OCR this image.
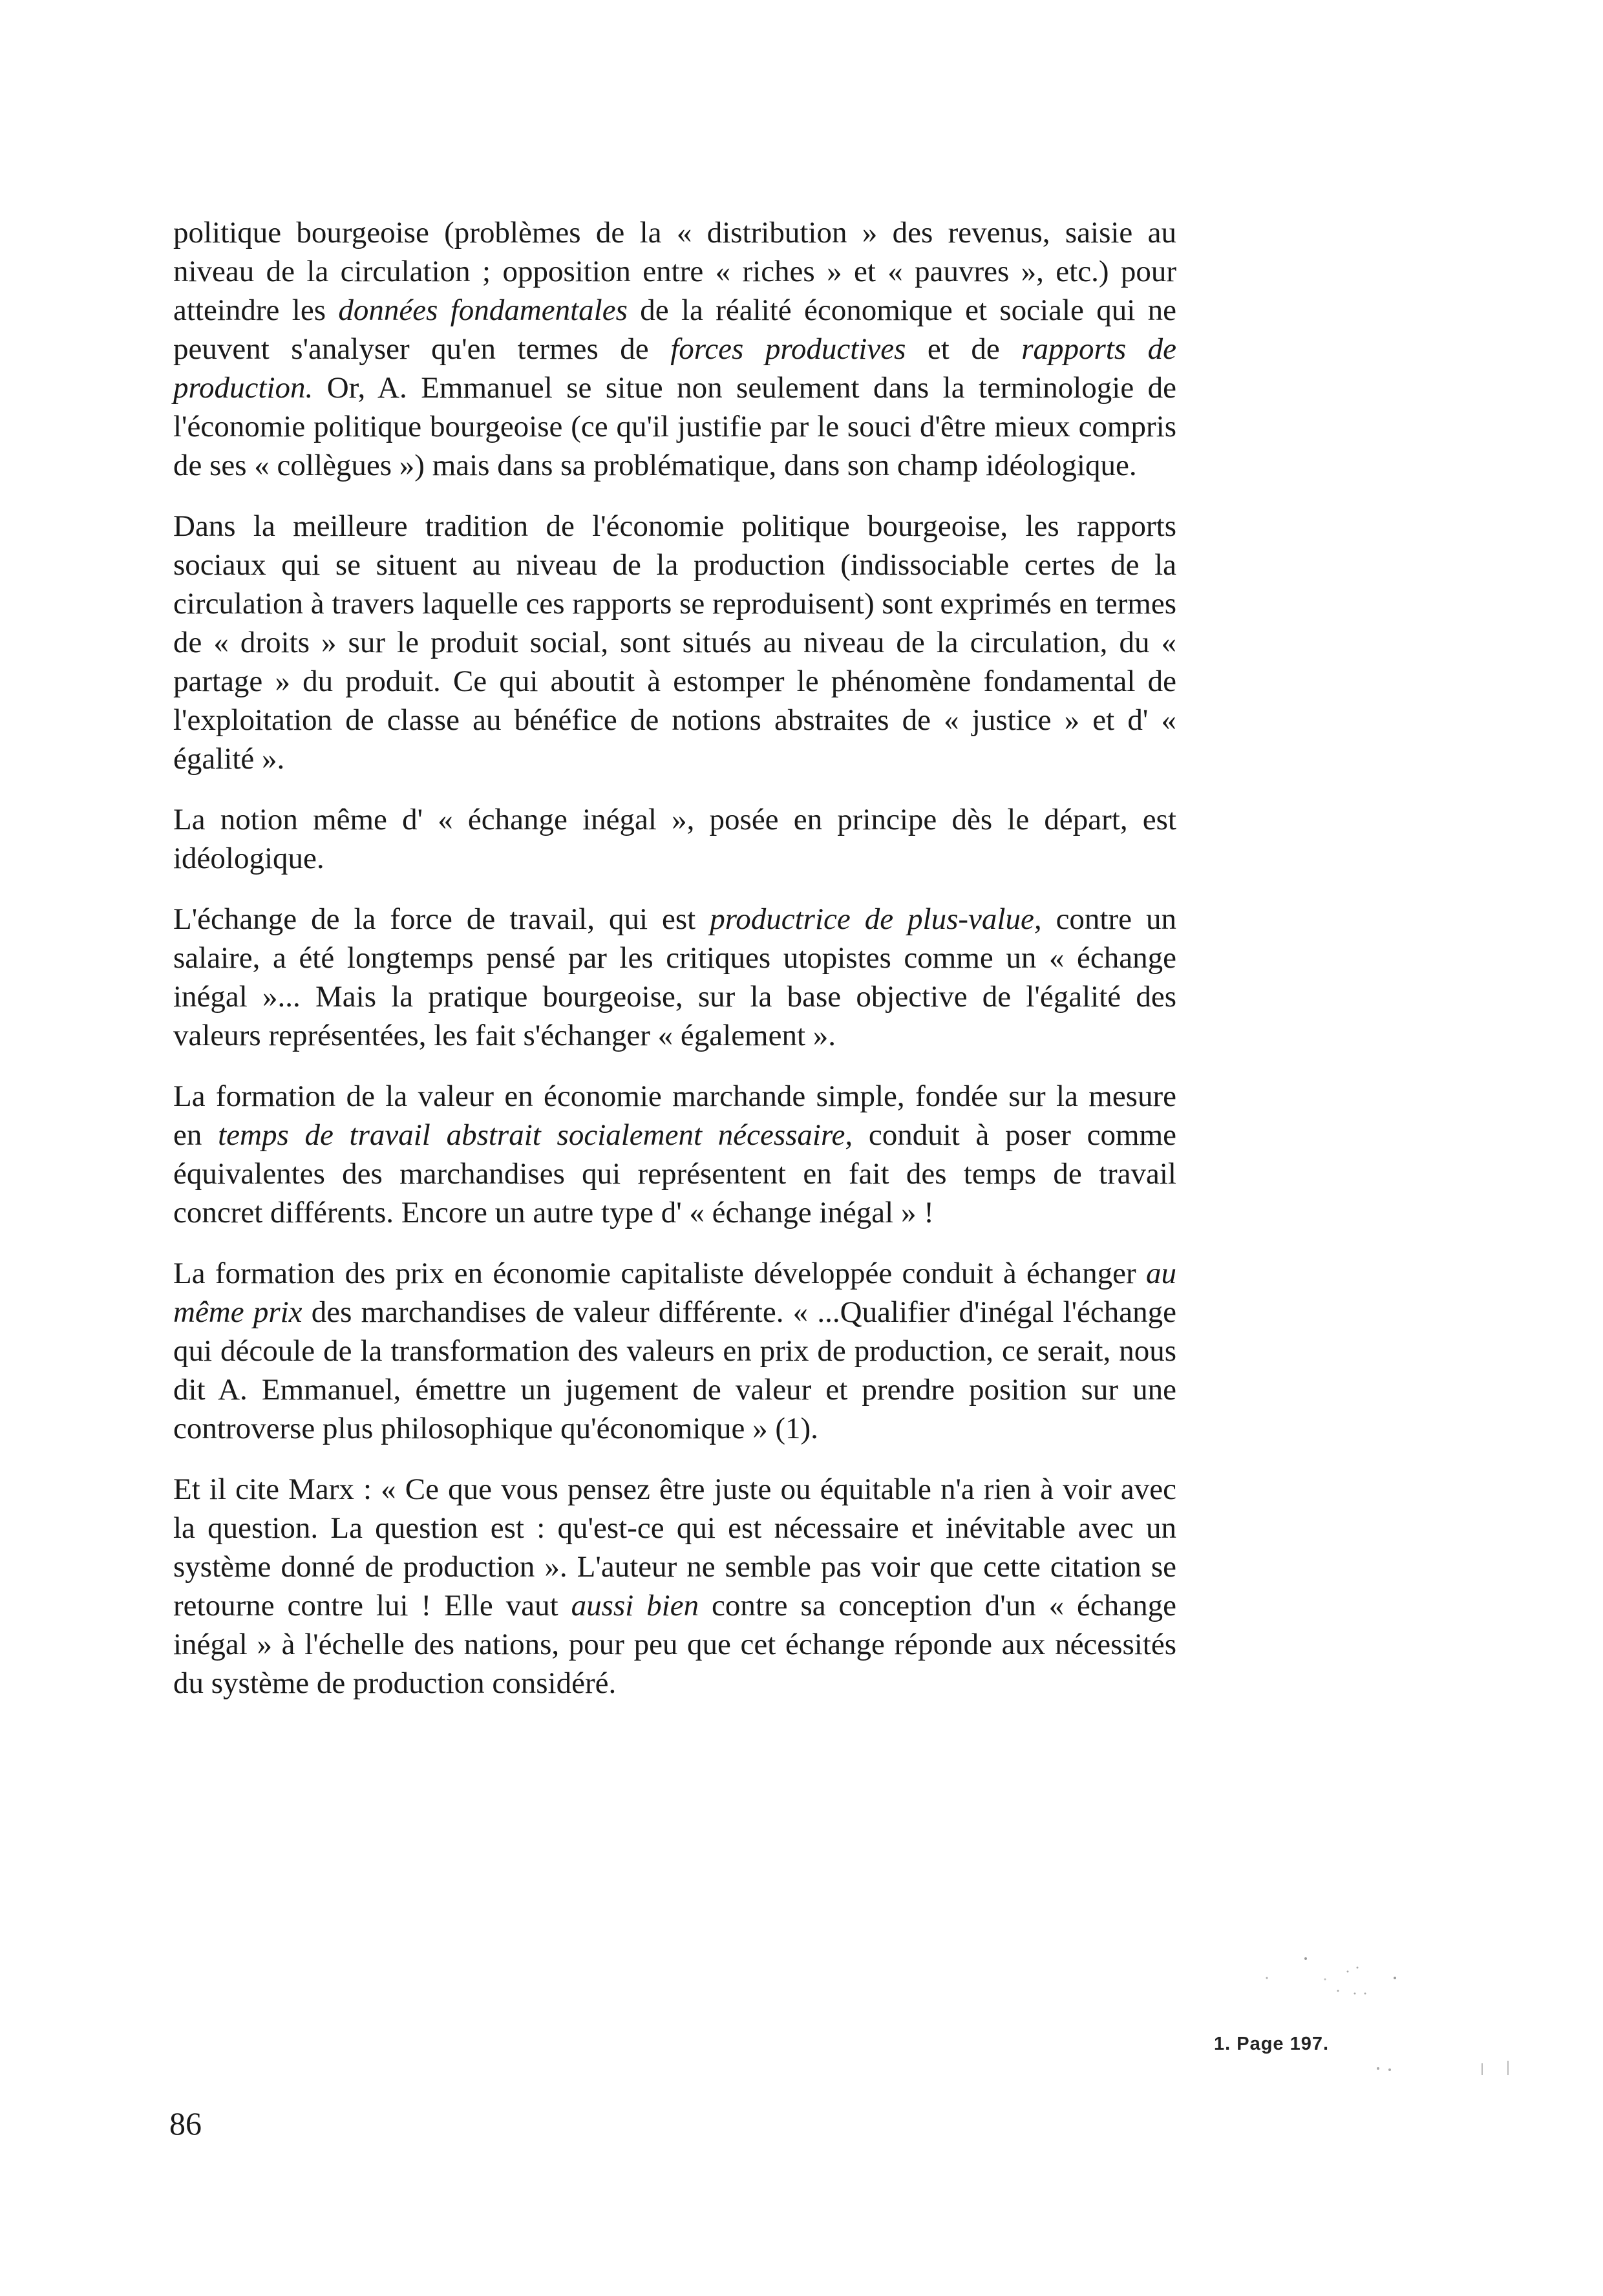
politique bourgeoise (problèmes de la « distribution » des revenus, saisie au niveau de la circulation ; opposition entre « riches » et « pauvres », etc.) pour atteindre les données fondamentales de la réalité économique et sociale qui ne peuvent s'analyser qu'en termes de forces productives et de rapports de production. Or, A. Emmanuel se situe non seulement dans la terminologie de l'économie politique bourgeoise (ce qu'il justifie par le souci d'être mieux compris de ses « collègues ») mais dans sa problématique, dans son champ idéologique.

Dans la meilleure tradition de l'économie politique bourgeoise, les rapports sociaux qui se situent au niveau de la production (indissociable certes de la circulation à travers laquelle ces rapports se reproduisent) sont exprimés en termes de « droits » sur le produit social, sont situés au niveau de la circulation, du « partage » du produit. Ce qui aboutit à estomper le phénomène fondamental de l'exploitation de classe au bénéfice de notions abstraites de « justice » et d' « égalité ».

La notion même d' « échange inégal », posée en principe dès le départ, est idéologique.

L'échange de la force de travail, qui est productrice de plus-value, contre un salaire, a été longtemps pensé par les critiques utopistes comme un « échange inégal »... Mais la pratique bourgeoise, sur la base objective de l'égalité des valeurs représentées, les fait s'échanger « également ».

La formation de la valeur en économie marchande simple, fondée sur la mesure en temps de travail abstrait socialement nécessaire, conduit à poser comme équivalentes des marchandises qui représentent en fait des temps de travail concret différents. Encore un autre type d' « échange inégal » !

La formation des prix en économie capitaliste développée conduit à échanger au même prix des marchandises de valeur différente. « ...Qualifier d'inégal l'échange qui découle de la transformation des valeurs en prix de production, ce serait, nous dit A. Emmanuel, émettre un jugement de valeur et prendre position sur une controverse plus philosophique qu'économique » (1).

Et il cite Marx : « Ce que vous pensez être juste ou équitable n'a rien à voir avec la question. La question est : qu'est-ce qui est nécessaire et inévitable avec un système donné de production ». L'auteur ne semble pas voir que cette citation se retourne contre lui ! Elle vaut aussi bien contre sa conception d'un « échange inégal » à l'échelle des nations, pour peu que cet échange réponde aux nécessités du système de production considéré.

1. Page 197.
86
